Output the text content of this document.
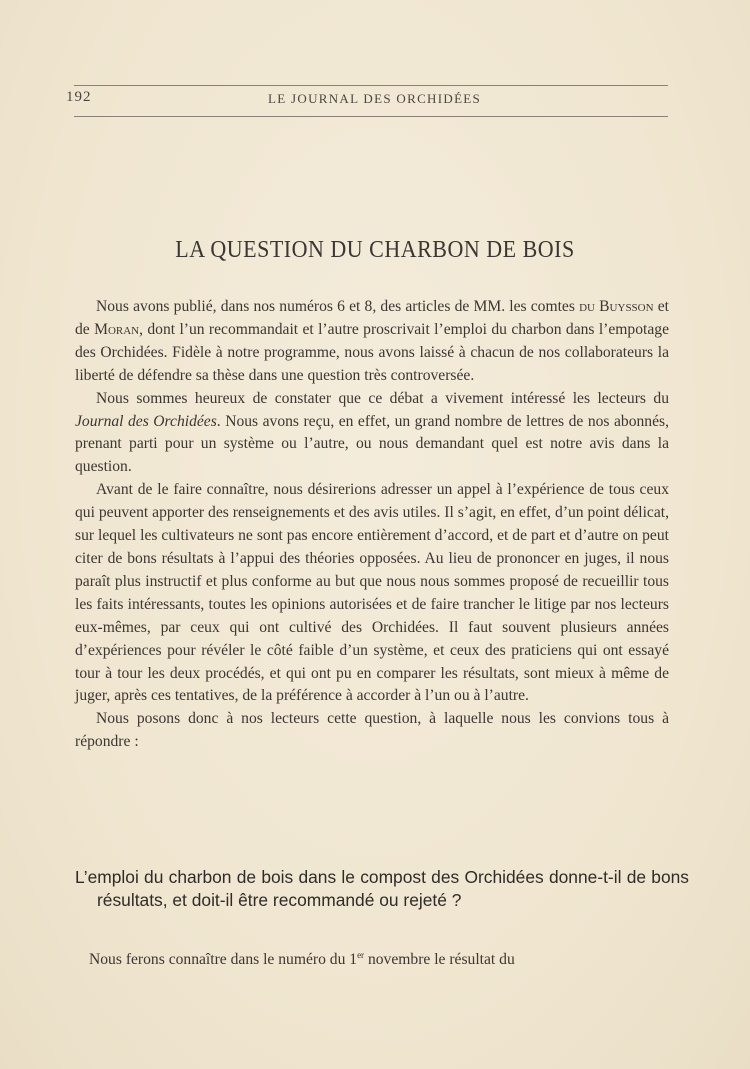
192	LE JOURNAL DES ORCHIDÉES
LA QUESTION DU CHARBON DE BOIS

Nous avons publié, dans nos numéros 6 et 8, des articles de MM. les comtes du Buysson et de Moran, dont l’un recommandait et l’autre proscrivait l’emploi du charbon dans l’empotage des Orchidées. Fidèle à notre programme, nous avons laissé à chacun de nos collaborateurs la liberté de défendre sa thèse dans une question très controversée.

Nous sommes heureux de constater que ce débat a vivement intéressé les lecteurs du Journal des Orchidées. Nous avons reçu, en effet, un grand nombre de lettres de nos abonnés, prenant parti pour un système ou l’autre, ou nous demandant quel est notre avis dans la question.

Avant de le faire connaître, nous désirerions adresser un appel à l’expérience de tous ceux qui peuvent apporter des renseignements et des avis utiles. Il s’agit, en effet, d’un point délicat, sur lequel les cultivateurs ne sont pas encore entièrement d’accord, et de part et d’autre on peut citer de bons résultats à l’appui des théories opposées. Au lieu de prononcer en juges, il nous paraît plus instructif et plus conforme au but que nous nous sommes proposé de recueillir tous les faits intéressants, toutes les opinions autorisées et de faire trancher le litige par nos lecteurs eux-mêmes, par ceux qui ont cultivé des Orchidées. Il faut souvent plusieurs années d’expériences pour révéler le côté faible d’un système, et ceux des praticiens qui ont essayé tour à tour les deux procédés, et qui ont pu en comparer les résultats, sont mieux à même de juger, après ces tentatives, de la préférence à accorder à l’un ou à l’autre.

Nous posons donc à nos lecteurs cette question, à laquelle nous les convions tous à répondre :

L’emploi du charbon de bois dans le compost des Orchidées donne-t-il de bons résultats, et doit-il être recommandé ou rejeté ?
Nous ferons connaître dans le numéro du 1er novembre le résultat du
